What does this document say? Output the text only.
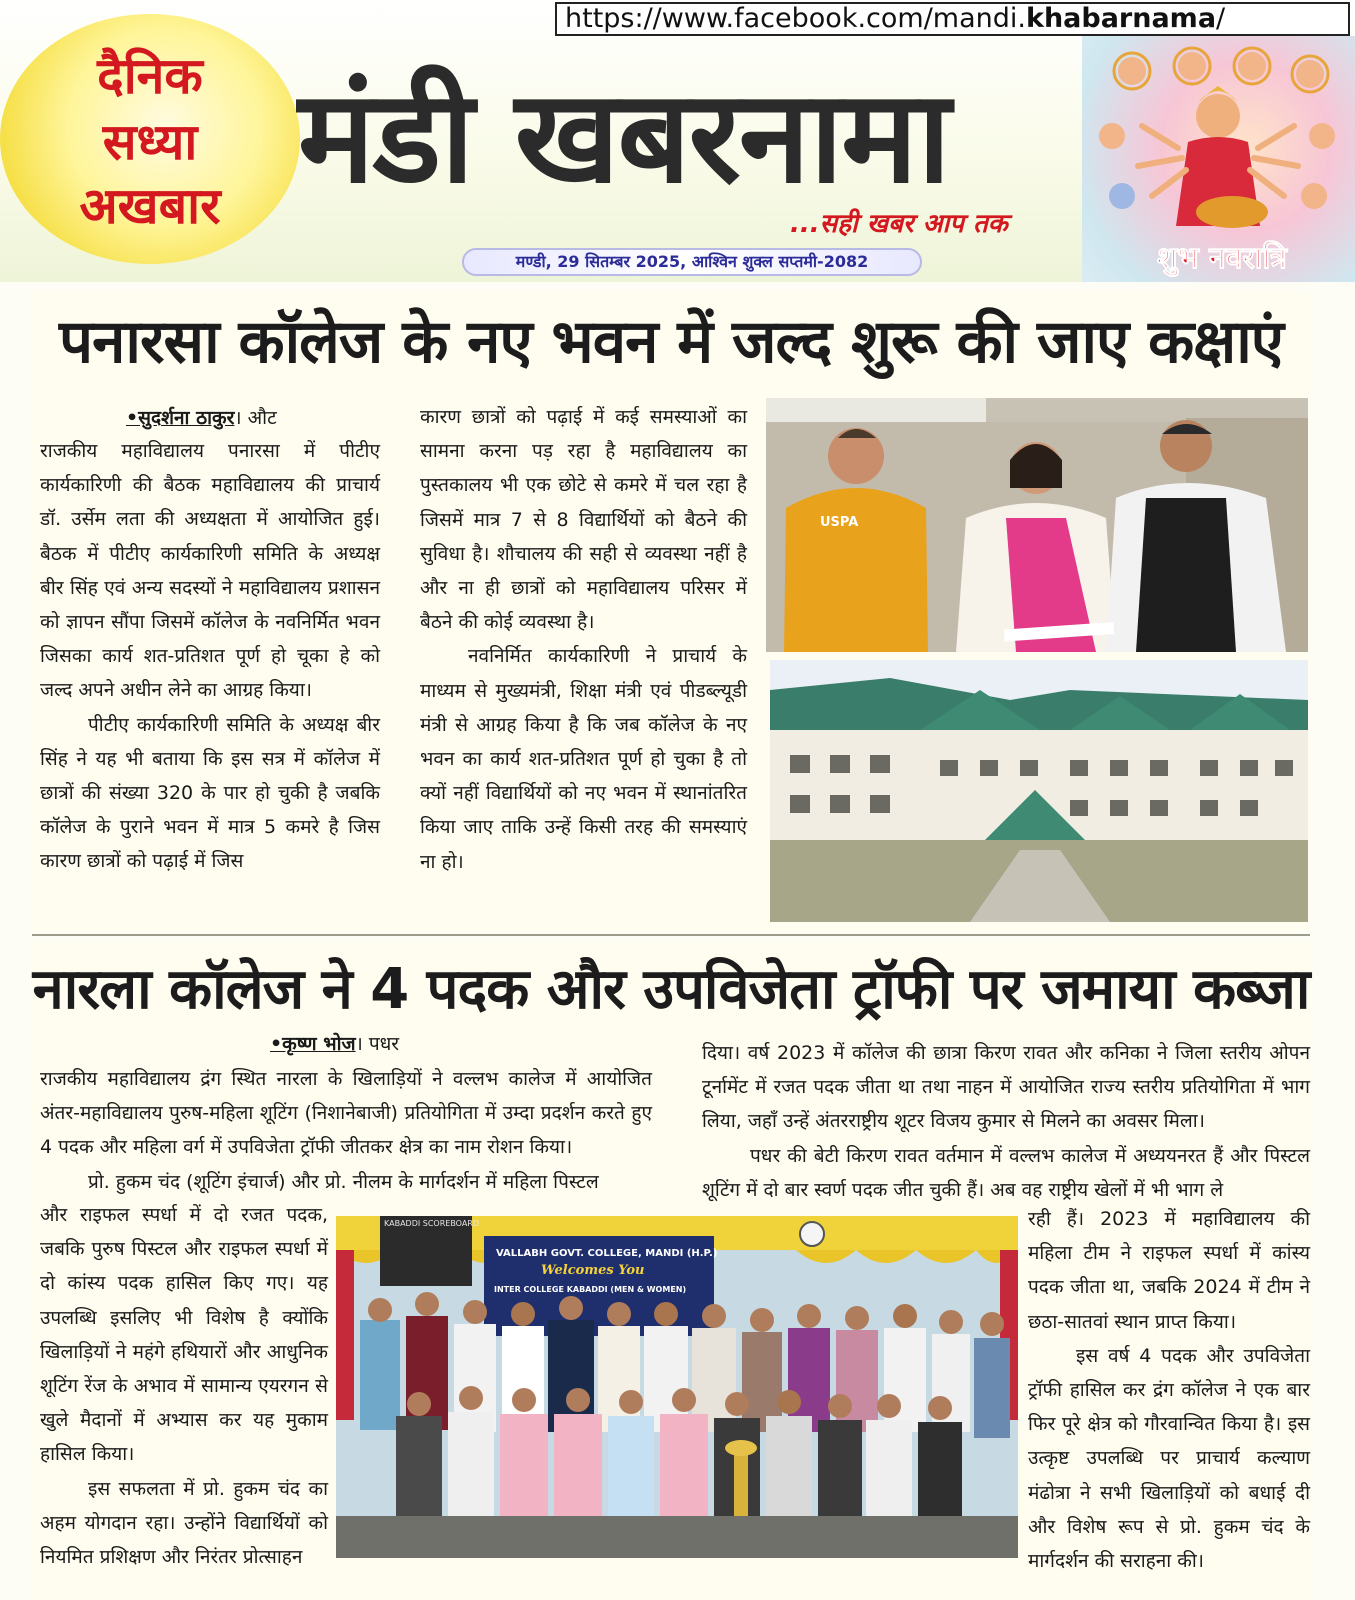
https://www.facebook.com/mandi.khabarnama/
दैनिक
सध्या
अखबार मंडी खबरनामा
...सही खबर आप तक
मण्डी, 29 सितम्बर 2025, आश्विन शुक्ल सप्तमी-2082	शुभ नवरात्रि
पनारसा कॉलेज के नए भवन में जल्द शुरू की जाए कक्षाएं
•सुदर्शना ठाकुर। औट

राजकीय महाविद्यालय पनारसा में पीटीए कार्यकारिणी की बैठक महाविद्यालय की प्राचार्य डॉ. उर्सेम लता की अध्यक्षता में आयोजित हुई। बैठक में पीटीए कार्यकारिणी समिति के अध्यक्ष बीर सिंह एवं अन्य सदस्यों ने महाविद्यालय प्रशासन को ज्ञापन सौंपा जिसमें कॉलेज के नवनिर्मित भवन जिसका कार्य शत-प्रतिशत पूर्ण हो चूका हे को जल्द अपने अधीन लेने का आग्रह किया।

पीटीए कार्यकारिणी समिति के अध्यक्ष बीर सिंह ने यह भी बताया कि इस सत्र में कॉलेज में छात्रों की संख्या 320 के पार हो चुकी है जबकि कॉलेज के पुराने भवन में मात्र 5 कमरे है जिस कारण छात्रों को पढ़ाई में जिस

कारण छात्रों को पढ़ाई में कई समस्याओं का सामना करना पड़ रहा है महाविद्यालय का पुस्तकालय भी एक छोटे से कमरे में चल रहा है जिसमें मात्र 7 से 8 विद्यार्थियों को बैठने की सुविधा है। शौचालय की सही से व्यवस्था नहीं है और ना ही छात्रों को महाविद्यालय परिसर में बैठने की कोई व्यवस्था है।

नवनिर्मित कार्यकारिणी ने प्राचार्य के माध्यम से मुख्यमंत्री, शिक्षा मंत्री एवं पीडब्ल्यूडी मंत्री से आग्रह किया है कि जब कॉलेज के नए भवन का कार्य शत-प्रतिशत पूर्ण हो चुका है तो क्यों नहीं विद्यार्थियों को नए भवन में स्थानांतरित किया जाए ताकि उन्हें किसी तरह की समस्याएं ना हो।

USPA
नारला कॉलेज ने 4 पदक और उपविजेता ट्रॉफी पर जमाया कब्जा
•कृष्ण भोज। पधर

राजकीय महाविद्यालय द्रंग स्थित नारला के खिलाड़ियों ने वल्लभ कालेज में आयोजित अंतर-महाविद्यालय पुरुष-महिला शूटिंग (निशानेबाजी) प्रतियोगिता में उम्दा प्रदर्शन करते हुए 4 पदक और महिला वर्ग में उपविजेता ट्रॉफी जीतकर क्षेत्र का नाम रोशन किया।

प्रो. हुकम चंद (शूटिंग इंचार्ज) और प्रो. नीलम के मार्गदर्शन में महिला पिस्टल

और राइफल स्पर्धा में दो रजत पदक, जबकि पुरुष पिस्टल और राइफल स्पर्धा में दो कांस्य पदक हासिल किए गए। यह उपलब्धि इसलिए भी विशेष है क्योंकि खिलाड़ियों ने महंगे हथियारों और आधुनिक शूटिंग रेंज के अभाव में सामान्य एयरगन से खुले मैदानों में अभ्यास कर यह मुकाम हासिल किया।

इस सफलता में प्रो. हुकम चंद का अहम योगदान रहा। उन्होंने विद्यार्थियों को नियमित प्रशिक्षण और निरंतर प्रोत्साहन

दिया। वर्ष 2023 में कॉलेज की छात्रा किरण रावत और कनिका ने जिला स्तरीय ओपन टूर्नामेंट में रजत पदक जीता था तथा नाहन में आयोजित राज्य स्तरीय प्रतियोगिता में भाग लिया, जहाँ उन्हें अंतरराष्ट्रीय शूटर विजय कुमार से मिलने का अवसर मिला।

पधर की बेटी किरण रावत वर्तमान में वल्लभ कालेज में अध्ययनरत हैं और पिस्टल शूटिंग में दो बार स्वर्ण पदक जीत चुकी हैं। अब वह राष्ट्रीय खेलों में भी भाग ले

रही हैं। 2023 में महाविद्यालय की महिला टीम ने राइफल स्पर्धा में कांस्य पदक जीता था, जबकि 2024 में टीम ने छठा-सातवां स्थान प्राप्त किया।

इस वर्ष 4 पदक और उपविजेता ट्रॉफी हासिल कर द्रंग कॉलेज ने एक बार फिर पूरे क्षेत्र को गौरवान्वित किया है। इस उत्कृष्ट उपलब्धि पर प्राचार्य कल्याण मंढोत्रा ने सभी खिलाड़ियों को बधाई दी और विशेष रूप से प्रो. हुकम चंद के मार्गदर्शन की सराहना की।

KABADDI SCOREBOARD
VALLABH GOVT. COLLEGE, MANDI (H.P.)
Welcomes You
INTER COLLEGE KABADDI (MEN & WOMEN)
